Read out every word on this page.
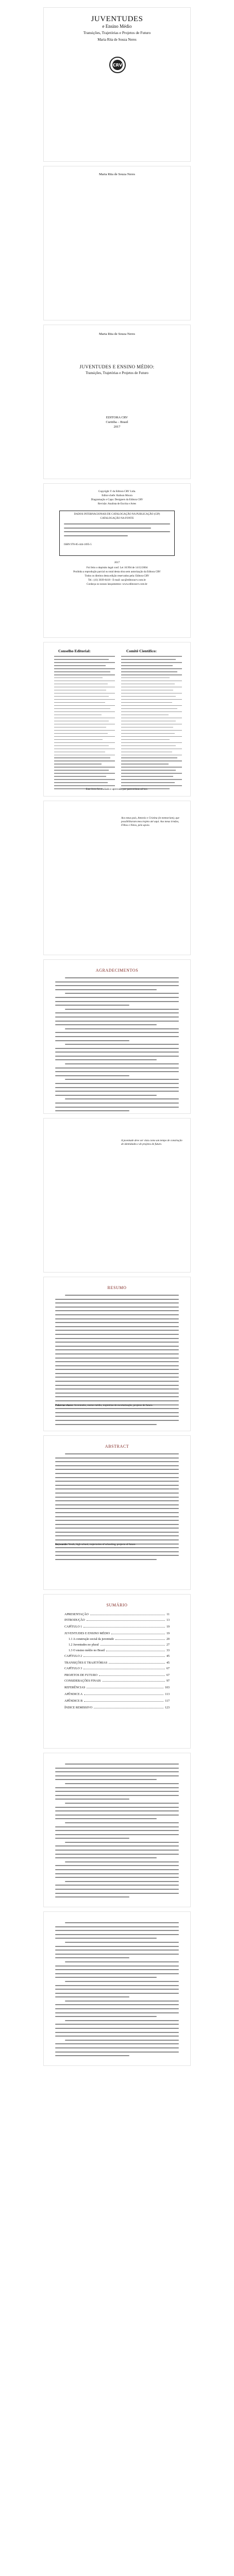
JUVENTUDES
e Ensino Médio
Transições, Trajetórias e Projetos de Futuro
Maria Rita de Souza Neres
CRV
Maria Rita de Souza Neres
Maria Rita de Souza Neres
JUVENTUDES E ENSINO MÉDIO:
Transições, Trajetórias e Projetos de Futuro
EDITORA CRV
Curitiba – Brasil
2017
Copyright © da Editora CRV Ltda.
Editor-chefe: Railson Moura
Diagramação e Capa: Designers da Editora CRV
Revisão: Analista de Escrita e Artes
DADOS INTERNACIONAIS DE CATALOGAÇÃO NA PUBLICAÇÃO (CIP)
CATALOGAÇÃO NA FONTE
ISBN 978-85-444-1695-5
2017
Foi feito o depósito legal conf. Lei 10.994 de 14/12/2004
Proibida a reprodução parcial ou total desta obra sem autorização da Editora CRV
Todos os direitos desta edição reservados pela: Editora CRV
Tel.: (41) 3039-6418 - E-mail: sac@editoracrv.com.br
Conheça os nossos lançamentos: www.editoracrv.com.br
Conselho Editorial:	Comitê Científico:
Este livro foi avaliado e aprovado por pareceristas ad hoc.
Aos meus pais, Antonio e Cristina (in memoriam), que possibilitaram meu trajeto até aqui. Aos meus irmãos, Filhos e Netos, pelo apoio.
AGRADECIMENTOS
A juventude deve ser vista como um tempo de construção de identidades e de projetos de futuro.
RESUMO
Palavras-chave: Juventudes, ensino médio, trajetórias de escolarização, projetos de futuro.
ABSTRACT
Keywords: Youth, high school, trajectories of schooling, projects of future.
SUMÁRIO
APRESENTAÇÃO	11
INTRODUÇÃO	13
CAPÍTULO 1	19
JUVENTUDES E ENSINO MÉDIO	19
1.1 A construção social da juventude	20
1.2 Juventudes no plural	27
1.3 O ensino médio no Brasil	33
CAPÍTULO 2	45
TRANSIÇÕES E TRAJETÓRIAS	45
CAPÍTULO 3	67
PROJETOS DE FUTURO	67
CONSIDERAÇÕES FINAIS	97
REFERÊNCIAS	103
APÊNDICE A	113
APÊNDICE B	117
ÍNDICE REMISSIVO	123
